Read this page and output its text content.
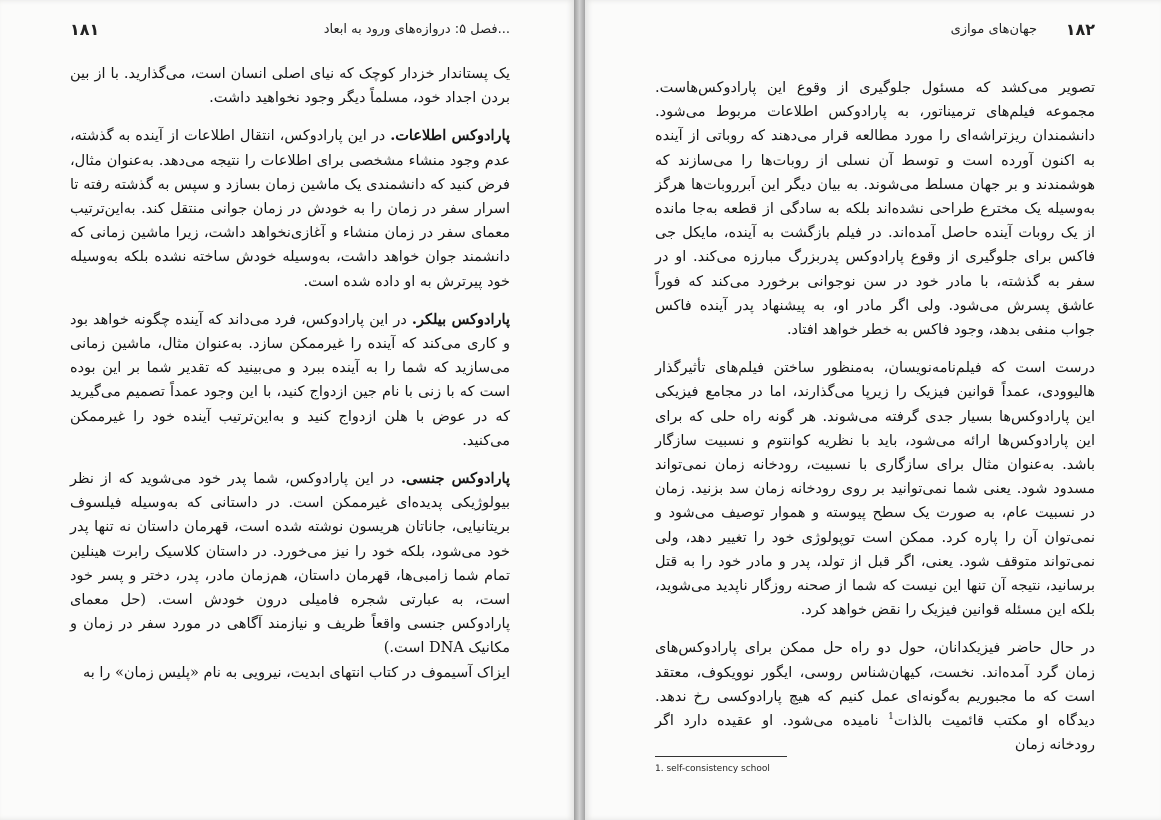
۱۸۱	فصل ۵: دروازه‌های ورود به ابعاد...

یک پستاندار خزدار کوچک که نیای اصلی انسان است، می‌گذارید. با از بین بردن اجداد خود، مسلماً دیگر وجود نخواهید داشت.

پارادوکس اطلاعات. در این پارادوکس، انتقال اطلاعات از آینده به گذشته، عدم وجود منشاء مشخصی برای اطلاعات را نتیجه می‌دهد. به‌عنوان مثال، فرض کنید که دانشمندی یک ماشین زمان بسازد و سپس به گذشته رفته تا اسرار سفر در زمان را به خودش در زمان جوانی منتقل کند. به‌این‌ترتیب معمای سفر در زمان منشاء و آغازی‌نخواهد داشت، زیرا ماشین زمانی که دانشمند جوان خواهد داشت، به‌وسیله خودش ساخته نشده بلکه به‌وسیله خود پیرترش به او داده شده است.

پارادوکس بیلکر. در این پارادوکس، فرد می‌داند که آینده چگونه خواهد بود و کاری می‌کند که آینده را غیرممکن سازد. به‌عنوان مثال، ماشین زمانی می‌سازید که شما را به آینده ببرد و می‌بینید که تقدیر شما بر این بوده است که با زنی با نام جین ازدواج کنید، با این وجود عمداً تصمیم می‌گیرید که در عوض با هلن ازدواج کنید و به‌این‌ترتیب آینده خود را غیرممکن می‌کنید.

پارادوکس جنسی. در این پارادوکس، شما پدر خود می‌شوید که از نظر بیولوژیکی پدیده‌ای غیرممکن است. در داستانی که به‌وسیله فیلسوف بریتانیایی، جاناتان هریسون نوشته شده است، قهرمان داستان نه تنها پدر خود می‌شود، بلکه خود را نیز می‌خورد. در داستان کلاسیک رابرت هینلین تمام شما زامبی‌ها، قهرمان داستان، هم‌زمان مادر، پدر، دختر و پسر خود است، به عبارتی شجره فامیلی درون خودش است. (حل معمای پارادوکس جنسی واقعاً ظریف و نیازمند آگاهی در مورد سفر در زمان و مکانیک DNA است.)

ایزاک آسیموف در کتاب انتهای ابدیت، نیرویی به نام «پلیس زمان» را به

جهان‌های موازی ۱۸۲

تصویر می‌کشد که مسئول جلوگیری از وقوع این پارادوکس‌هاست. مجموعه فیلم‌های ترمیناتور، به پارادوکس اطلاعات مربوط می‌شود. دانشمندان ریزتراشه‌ای را مورد مطالعه قرار می‌دهند که روباتی از آینده به اکنون آورده است و توسط آن نسلی از روبات‌ها را می‌سازند که هوشمندند و بر جهان مسلط می‌شوند. به بیان دیگر این اَبرروبات‌ها هرگز به‌وسیله یک مخترع طراحی نشده‌اند بلکه به سادگی از قطعه به‌جا مانده از یک روبات آینده حاصل آمده‌اند. در فیلم بازگشت به آینده، مایکل جی فاکس برای جلوگیری از وقوع پارادوکس پدربزرگ مبارزه می‌کند. او در سفر به گذشته، با مادر خود در سن نوجوانی برخورد می‌کند که فوراً عاشق پسرش می‌شود. ولی اگر مادر او، به پیشنهاد پدر آینده فاکس جواب منفی بدهد، وجود فاکس به خطر خواهد افتاد.

درست است که فیلم‌نامه‌نویسان، به‌منظور ساختن فیلم‌های تأثیرگذار هالیوودی، عمداً قوانین فیزیک را زیرپا می‌گذارند، اما در مجامع فیزیکی این پارادوکس‌ها بسیار جدی گرفته می‌شوند. هر گونه راه حلی که برای این پارادوکس‌ها ارائه می‌شود، باید با نظریه کوانتوم و نسبیت سازگار باشد. به‌عنوان مثال برای سازگاری با نسبیت، رودخانه زمان نمی‌تواند مسدود شود. یعنی شما نمی‌توانید بر روی رودخانه زمان سد بزنید. زمان در نسبیت عام، به صورت یک سطح پیوسته و هموار توصیف می‌شود و نمی‌توان آن را پاره کرد. ممکن است توپولوژی خود را تغییر دهد، ولی نمی‌تواند متوقف شود. یعنی، اگر قبل از تولد، پدر و مادر خود را به قتل برسانید، نتیجه آن تنها این نیست که شما از صحنه روزگار ناپدید می‌شوید، بلکه این مسئله قوانین فیزیک را نقض خواهد کرد.

در حال حاضر فیزیکدانان، حول دو راه حل ممکن برای پارادوکس‌های زمان گرد آمده‌اند. نخست، کیهان‌شناس روسی، ایگور نوویکوف، معتقد است که ما مجبوریم به‌گونه‌ای عمل کنیم که هیچ پارادوکسی رخ ندهد. دیدگاه او مکتب قائمیت بالذات$^1$ نامیده می‌شود. او عقیده دارد اگر رودخانه زمان

1. self-consistency school
